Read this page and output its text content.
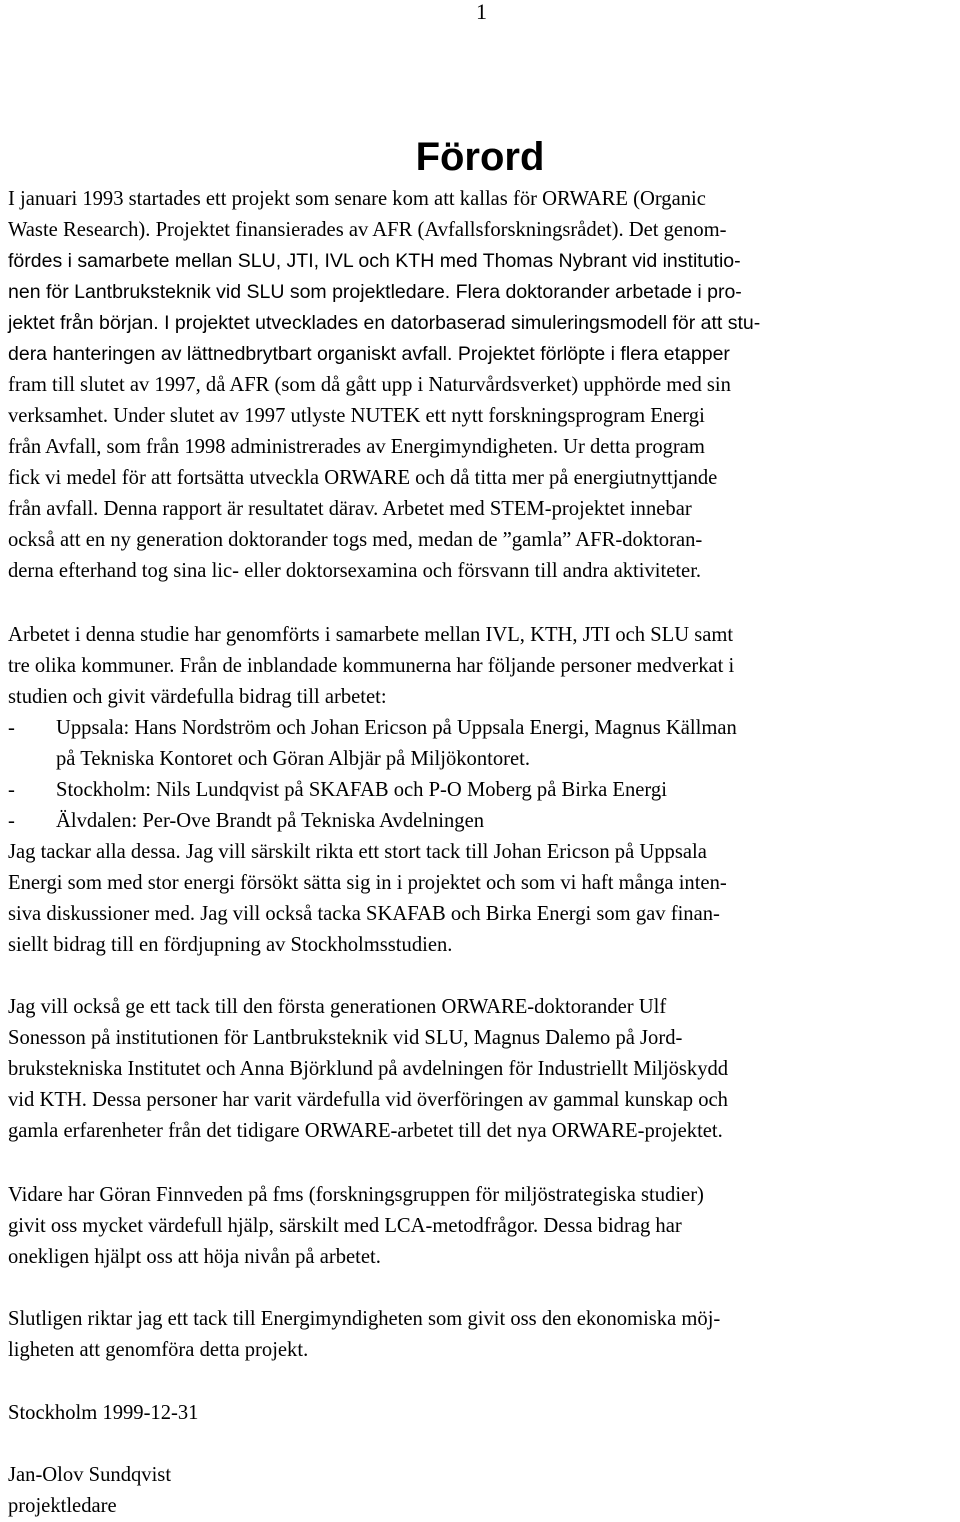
1
Förord
I januari 1993 startades ett projekt som senare kom att kallas för ORWARE (Organic
Waste Research). Projektet finansierades av AFR (Avfallsforskningsrådet). Det genom-
fördes i samarbete mellan SLU, JTI, IVL och KTH med Thomas Nybrant vid institutio-
nen för Lantbruksteknik vid SLU som projektledare. Flera doktorander arbetade i pro-
jektet från början. I projektet utvecklades en datorbaserad simuleringsmodell för att stu-
dera hanteringen av lättnedbrytbart organiskt avfall. Projektet förlöpte i flera etapper
fram till slutet av 1997, då AFR (som då gått upp i Naturvårdsverket) upphörde med sin
verksamhet. Under slutet av 1997 utlyste NUTEK ett nytt forskningsprogram Energi
från Avfall, som från 1998 administrerades av Energimyndigheten. Ur detta program
fick vi medel för att fortsätta utveckla ORWARE och då titta mer på energiutnyttjande
från avfall. Denna rapport är resultatet därav. Arbetet med STEM-projektet innebar
också att en ny generation doktorander togs med, medan de ”gamla” AFR-doktoran-
derna efterhand tog sina lic- eller doktorsexamina och försvann till andra aktiviteter.
Arbetet i denna studie har genomförts i samarbete mellan IVL, KTH, JTI och SLU samt
tre olika kommuner. Från de inblandade kommunerna har följande personer medverkat i
studien och givit värdefulla bidrag till arbetet:
- Uppsala: Hans Nordström och Johan Ericson på Uppsala Energi, Magnus Källman
på Tekniska Kontoret och Göran Albjär på Miljökontoret.
- Stockholm: Nils Lundqvist på SKAFAB och P-O Moberg på Birka Energi
- Älvdalen: Per-Ove Brandt på Tekniska Avdelningen
Jag tackar alla dessa. Jag vill särskilt rikta ett stort tack till Johan Ericson på Uppsala
Energi som med stor energi försökt sätta sig in i projektet och som vi haft många inten-
siva diskussioner med. Jag vill också tacka SKAFAB och Birka Energi som gav finan-
siellt bidrag till en fördjupning av Stockholmsstudien.
Jag vill också ge ett tack till den första generationen ORWARE-doktorander Ulf
Sonesson på institutionen för Lantbruksteknik vid SLU, Magnus Dalemo på Jord-
brukstekniska Institutet och Anna Björklund på avdelningen för Industriellt Miljöskydd
vid KTH. Dessa personer har varit värdefulla vid överföringen av gammal kunskap och
gamla erfarenheter från det tidigare ORWARE-arbetet till det nya ORWARE-projektet.
Vidare har Göran Finnveden på fms (forskningsgruppen för miljöstrategiska studier)
givit oss mycket värdefull hjälp, särskilt med LCA-metodfrågor. Dessa bidrag har
onekligen hjälpt oss att höja nivån på arbetet.
Slutligen riktar jag ett tack till Energimyndigheten som givit oss den ekonomiska möj-
ligheten att genomföra detta projekt.
Stockholm 1999-12-31
Jan-Olov Sundqvist
projektledare
